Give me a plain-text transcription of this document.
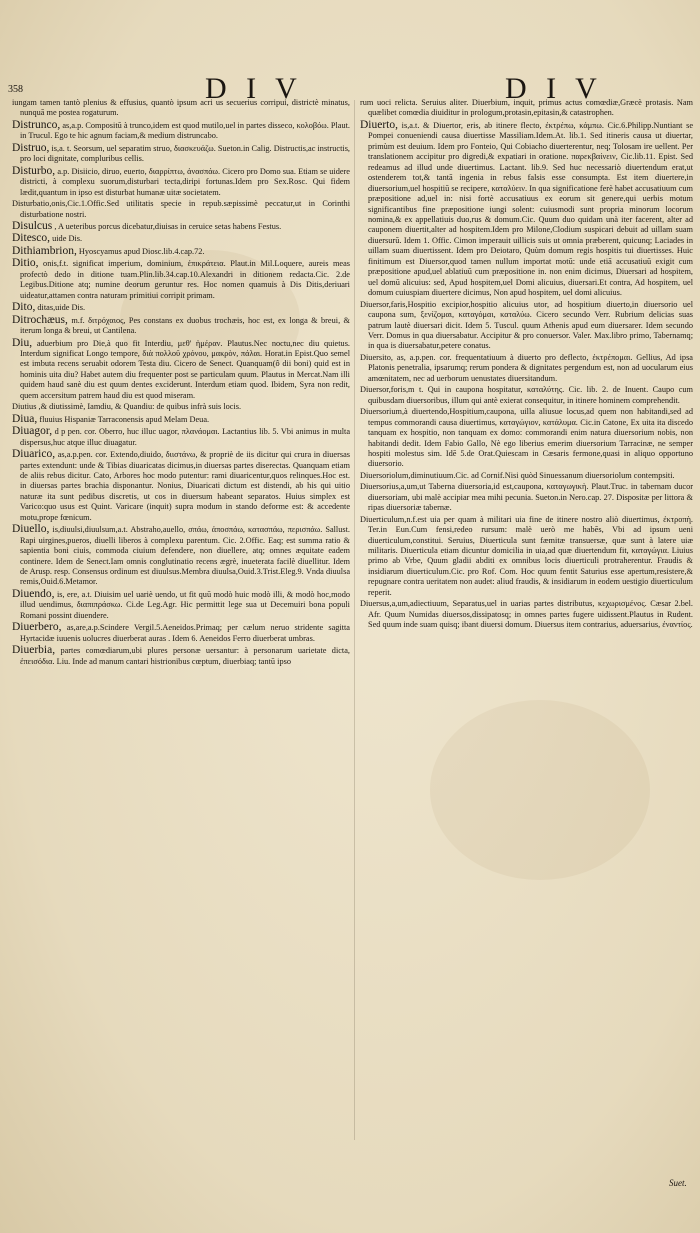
358	D I V	D I V

iungam tamen tantò plenius & effusius, quantò ipsum acri us secuerius corripui, districtè minatus, nunquā me postea rogaturum.

Distrunco, as,a.p. Compositū à trunco,idem est quod mutilo,uel in partes disseco, κολοβόω. Plaut. in Trucul. Ego te hic agnum faciam,& medium distruncabo.

Distruo, is,a. t. Seorsum, uel separatim struo, διασκευάζω. Sueton.in Calig. Distructis,ac instructis, pro loci dignitate, compluribus cellis.

Disturbo, a.p. Disiicio, diruo, euerto, διαρρίπτω, ἀνασπάω. Cicero pro Domo sua. Etiam se uidere districti, à complexu suorum,disturbari tecta,diripi fortunas.Idem pro Sex.Rosc. Qui fidem lædit,quantum in ipso est disturbat humanæ uitæ societatem.

Disturbatio,onis,Cic.1.Offic.Sed utilitatis specie in repub.sæpissimè peccatur,ut in Corinthi disturbatione nostri.

Disulcus , A ueteribus porcus dicebatur,diuisas in ceruice setas habens Festus.

Ditesco, uide Dis.

Dithiambrion, Hyoscyamus apud Diosc.lib.4.cap.72.

Ditio, onis,f.t. significat imperium, dominium, ἐπικράτεια. Plaut.in Mil.Loquere, aureis meas profectò dedo in ditione tuam.Plin.lib.34.cap.10.Alexandri in ditionem redacta.Cic. 2.de Legibus.Ditione atq; numine deorum geruntur res. Hoc nomen quamuis à Dis Ditis,deriuari uideatur,attamen contra naturam primitiui corripit primam.

Dito, ditas,uide Dis.

Ditrochæus, m.f. διτρόχαιος, Pes constans ex duobus trochæis, hoc est, ex longa & breui, & iterum longa & breui, ut Cantilena.

Diu, aduerbium pro Die,à quo fit Interdiu, μεθ' ἡμέραν. Plautus.Nec noctu,nec diu quietus. Interdum significat Longo tempore, διὰ πολλοῦ χρόνου, μακρὸν, πάλαι. Horat.in Epist.Quo semel est imbuta recens seruabit odorem Testa diu. Cicero de Senect. Quanquam(ô dii boni) quid est in hominis uita diu? Habet autem diu frequenter post se particulam quum. Plautus in Mercat.Nam illi quidem haud sanè diu est quum dentes exciderunt. Interdum etiam quod. Ibidem, Syra non redit, quem accersitum patrem haud diu est quod miseram.

Diutius ,& diutissimè, Iamdiu, & Quandiu: de quibus infrà suis locis.

Diua, fluuius Hispaniæ Tarraconensis apud Melam Deua.

Diuagor, d p pen. cor. Oberro, huc illuc uagor, πλανάομαι. Lactantius lib. 5. Vbi animus in multa dispersus,huc atque illuc diuagatur.

Diuarico, as,a.p.pen. cor. Extendo,diuido, διιστάνω, & propriè de iis dicitur qui crura in diuersas partes extendunt: unde & Tibias diuaricatas dicimus,in diuersas partes diserectas. Quanquam etiam de aliis rebus dicitur. Cato, Arbores hoc modo putentur: rami diuaricentur,quos relinques.Hoc est. in diuersas partes brachia disponantur. Nonius, Diuaricati dictum est distendi, ab his qui uitio naturæ ita sunt pedibus discretis, ut cos in diuersum habeant separatos. Huius simplex est Varico:quo usus est Quint. Varicare (inquit) supra modum in stando deforme est: & accedente motu,prope fœnicum.

Diuello, is,diuulsi,diuulsum,a.t. Abstraho,auello, σπάω, ἀποσπάω, κατασπάω, περισπάω. Sallust. Rapi uirgines,pueros, diuelli liberos à complexu parentum. Cic. 2.Offic. Eaq; est summa ratio & sapientia boni ciuis, commoda ciuium defendere, non diuellere, atq; omnes æquitate eadem continere. Idem de Senect.Iam omnis conglutinatio recens ægrè, inueterata facilè diuellitur. Idem de Arusp. resp. Consensus ordinum est diuulsus.Membra diuulsa,Ouid.3.Trist.Eleg.9. Vnda diuulsa remis,Ouid.6.Metamor.

Diuendo, is, ere, a.t. Diuisim uel uariè uendo, ut fit quū modò huic modò illi, & modò hoc,modo illud uendimus, διαπιπράσκω. Ci.de Leg.Agr. Hic permittit lege sua ut Decemuiri bona populi Romani possint diuendere.

Diuerbero, as,are,a.p.Scindere Vergil.5.Aeneidos.Primaq; per cælum neruo stridente sagitta Hyrtacidæ iuuenis uolucres diuerberat auras . Idem 6. Aeneidos Ferro diuerberat umbras.

Diuerbia, partes comœdiarum,ubi plures personæ uersantur: à personarum uarietate dicta, ἐπεισόδια. Liu. Inde ad manum cantari histrionibus cœptum, diuerbiaq; tantū ipso

rum uoci relicta. Seruius aliter. Diuerbium, inquit, primus actus comœdiæ,Græcè protasis. Nam quælibet comœdia diuiditur in prologum,protasin,epitasin,& catastrophen.

Diuerto, is,a.t. & Diuertor, eris, ab itinere flecto, ἐκτρέπω, κάμπω. Cic.6.Philipp.Nuntiant se Pompei conueniendi causa diuertisse Massiliam.Idem.At. lib.1. Sed itineris causa ut diuertar, primùm est deuium. Idem pro Fonteio, Qui Cobiacho diuerterentur, neq; Tolosam ire uellent. Per translationem accipitur pro digredi,& expatiari in oratione. παρεκβαίνειν, Cic.lib.11. Epist. Sed redeamus ad illud unde diuertimus. Lactant. lib.9. Sed huc necessariò diuertendum erat,ut ostenderem tot,& tantā ingenia in rebus falsis esse consumpta. Est item diuertere,in diuersorium,uel hospitiū se recipere, καταλύειν. In qua significatione ferè habet accusatiuum cum præpositione ad,uel in: nisi fortè accusatiuus ex eorum sit genere,qui uerbis motum significantibus fine præpositione iungi solent: cuiusmodi sunt propria minorum locorum nomina,& ex appellatiuis duo,rus & domum.Cic. Quum duo quidam unà iter facerent, alter ad cauponem diuertit,alter ad hospitem.Idem pro Milone,Clodium suspicari debuit ad uillam suam diuersurū. Idem 1. Offic. Cimon imperauit uillicis suis ut omnia præberent, quicunq; Laciades in uillam suam diuertissent. Idem pro Deiotaro, Quùm domum regis hospitis tui diuertisses. Huic finitimum est Diuersor,quod tamen nullum importat motū: unde etiā accusatiuū exigit cum præpositione apud,uel ablatiuū cum præpositione in. non enim dicimus, Diuersari ad hospitem, uel domū alicuius: sed, Apud hospitem,uel Domi alicuius, diuersari.Et contra, Ad hospitem, uel domum cuiuspiam diuertere dicimus, Non apud hospitem, uel domi alicuius.

Diuersor,faris,Hospitio excipior,hospitio alicuius utor, ad hospitium diuerto,in diuersorio uel caupona sum, ξενίζομαι, καταγόμαι, καταλύω. Cicero secundo Verr. Rubrium delicias suas patrum lautè diuersari dicit. Idem 5. Tuscul. quum Athenis apud eum diuersarer. Idem secundo Verr. Domus in qua diuersabatur. Accipitur & pro conuersor. Valer. Max.libro primo, Tabernamq; in qua is diuersabatur,petere conatus.

Diuersito, as, a.p.pen. cor. frequentatiuum à diuerto pro deflecto, ἐκτρέπομαι. Gellius, Ad ipsa Platonis penetralia, ipsarumq; rerum pondera & dignitates pergendum est, non ad uocularum eius amœnitatem, nec ad uerborum uenustates diuersitandum.

Diuersor,foris,m t. Qui in caupona hospitatur, καταλύτης. Cic. lib. 2. de Inuent. Caupo cum quibusdam diuersoribus, illum qui antè exierat consequitur, in itinere hominem comprehendit.

Diuersorium,à diuertendo,Hospitium,caupona, uilla aliusue locus,ad quem non habitandi,sed ad tempus commorandi causa diuertimus, καταγώγιον, κατάλυμα. Cic.in Catone, Ex uita ita discedo tanquam ex hospitio, non tanquam ex domo: commorandi enim natura diuersorium nobis, non habitandi dedit. Idem Fabio Gallo, Nè ego liberius emerim diuersorium Tarracinæ, ne semper hospiti molestus sim. Idē 5.de Orat.Quiescam in Cæsaris fermone,quasi in aliquo opportuno diuersorio.

Diuersoriolum,diminutiuum.Cic. ad Cornif.Nisi quòd Sinuessanum diuersoriolum contempsiti.

Diuersorius,a,um,ut Taberna diuersoria,id est,caupona, καταγωγικὴ. Plaut.Truc. in tabernam ducor diuersoriam, ubi malè accipiar mea mihi pecunia. Sueton.in Nero.cap. 27. Dispositæ per littora & ripas diuersoriæ tabernæ.

Diuerticulum,n.f.est uia per quam à militari uia fine de itinere nostro aliò diuertimus, ἐκτροπὴ. Ter.in Eun.Cum fensi,redeo rursum: malè uerò me habēs, Vbi ad ipsum ueni diuerticulum,constitui. Seruius, Diuerticula sunt fæmitæ transuersæ, quæ sunt à latere uiæ militaris. Diuerticula etiam dicuntur domicilia in uia,ad quæ diuertendum fit, καταγώγια. Liuius primo ab Vrbe, Quum gladii abditi ex omnibus locis diuerticuli protraherentur. Fraudis & insidiarum diuerticulum.Cic. pro Rof. Com. Hoc quum fentit Saturius esse apertum,resistere,& repugnare contra ueritatem non audet: aliud fraudis, & insidiarum in eodem uestigio diuerticulum reperit.

Diuersus,a,um,adiectiuum, Separatus,uel in uarias partes distributus, κεχωρισμένος. Cæsar 2.bel. Afr. Quum Numidas diuersos,dissipatosq; in omnes partes fugere uidissent.Plautus in Rudent. Sed quum inde suam quisq; ibant diuersi domum. Diuersus item contrarius, aduersarius, ἐναντίος.

Suet.
